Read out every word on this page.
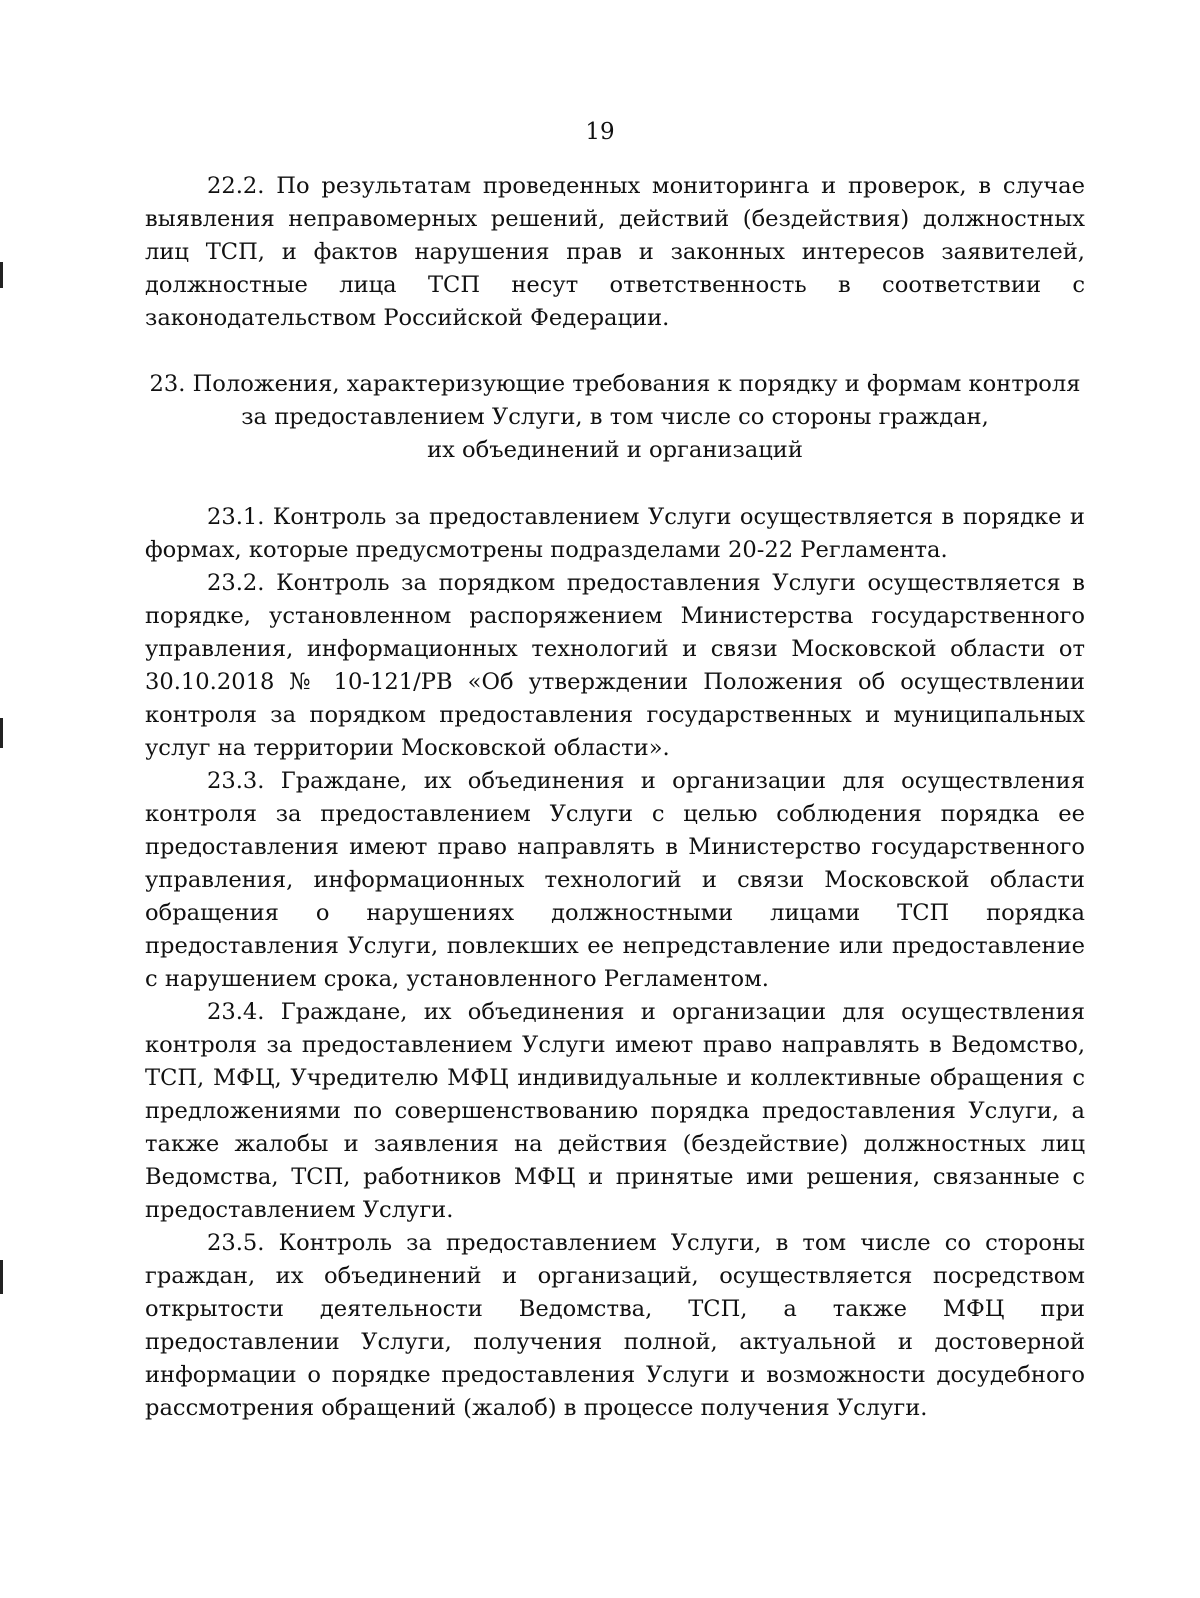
19

22.2. По результатам проведенных мониторинга и проверок, в случае выявления неправомерных решений, действий (бездействия) должностных лиц ТСП, и фактов нарушения прав и законных интересов заявителей, должностные лица ТСП несут ответственность в соответствии с законодательством Российской Федерации.

23. Положения, характеризующие требования к порядку и формам контроля
за предоставлением Услуги, в том числе со стороны граждан,
их объединений и организаций

23.1. Контроль за предоставлением Услуги осуществляется в порядке и формах, которые предусмотрены подразделами 20-22 Регламента.

23.2. Контроль за порядком предоставления Услуги осуществляется в порядке, установленном распоряжением Министерства государственного управления, информационных технологий и связи Московской области от 30.10.2018 № 10-121/РВ «Об утверждении Положения об осуществлении контроля за порядком предоставления государственных и муниципальных услуг на территории Московской области».

23.3. Граждане, их объединения и организации для осуществления контроля за предоставлением Услуги с целью соблюдения порядка ее предоставления имеют право направлять в Министерство государственного управления, информационных технологий и связи Московской области обращения о нарушениях должностными лицами ТСП порядка предоставления Услуги, повлекших ее непредставление или предоставление с нарушением срока, установленного Регламентом.

23.4. Граждане, их объединения и организации для осуществления контроля за предоставлением Услуги имеют право направлять в Ведомство, ТСП, МФЦ, Учредителю МФЦ индивидуальные и коллективные обращения с предложениями по совершенствованию порядка предоставления Услуги, а также жалобы и заявления на действия (бездействие) должностных лиц Ведомства, ТСП, работников МФЦ и принятые ими решения, связанные с предоставлением Услуги.

23.5. Контроль за предоставлением Услуги, в том числе со стороны граждан, их объединений и организаций, осуществляется посредством открытости деятельности Ведомства, ТСП, а также МФЦ при предоставлении Услуги, получения полной, актуальной и достоверной информации о порядке предоставления Услуги и возможности досудебного рассмотрения обращений (жалоб) в процессе получения Услуги.
